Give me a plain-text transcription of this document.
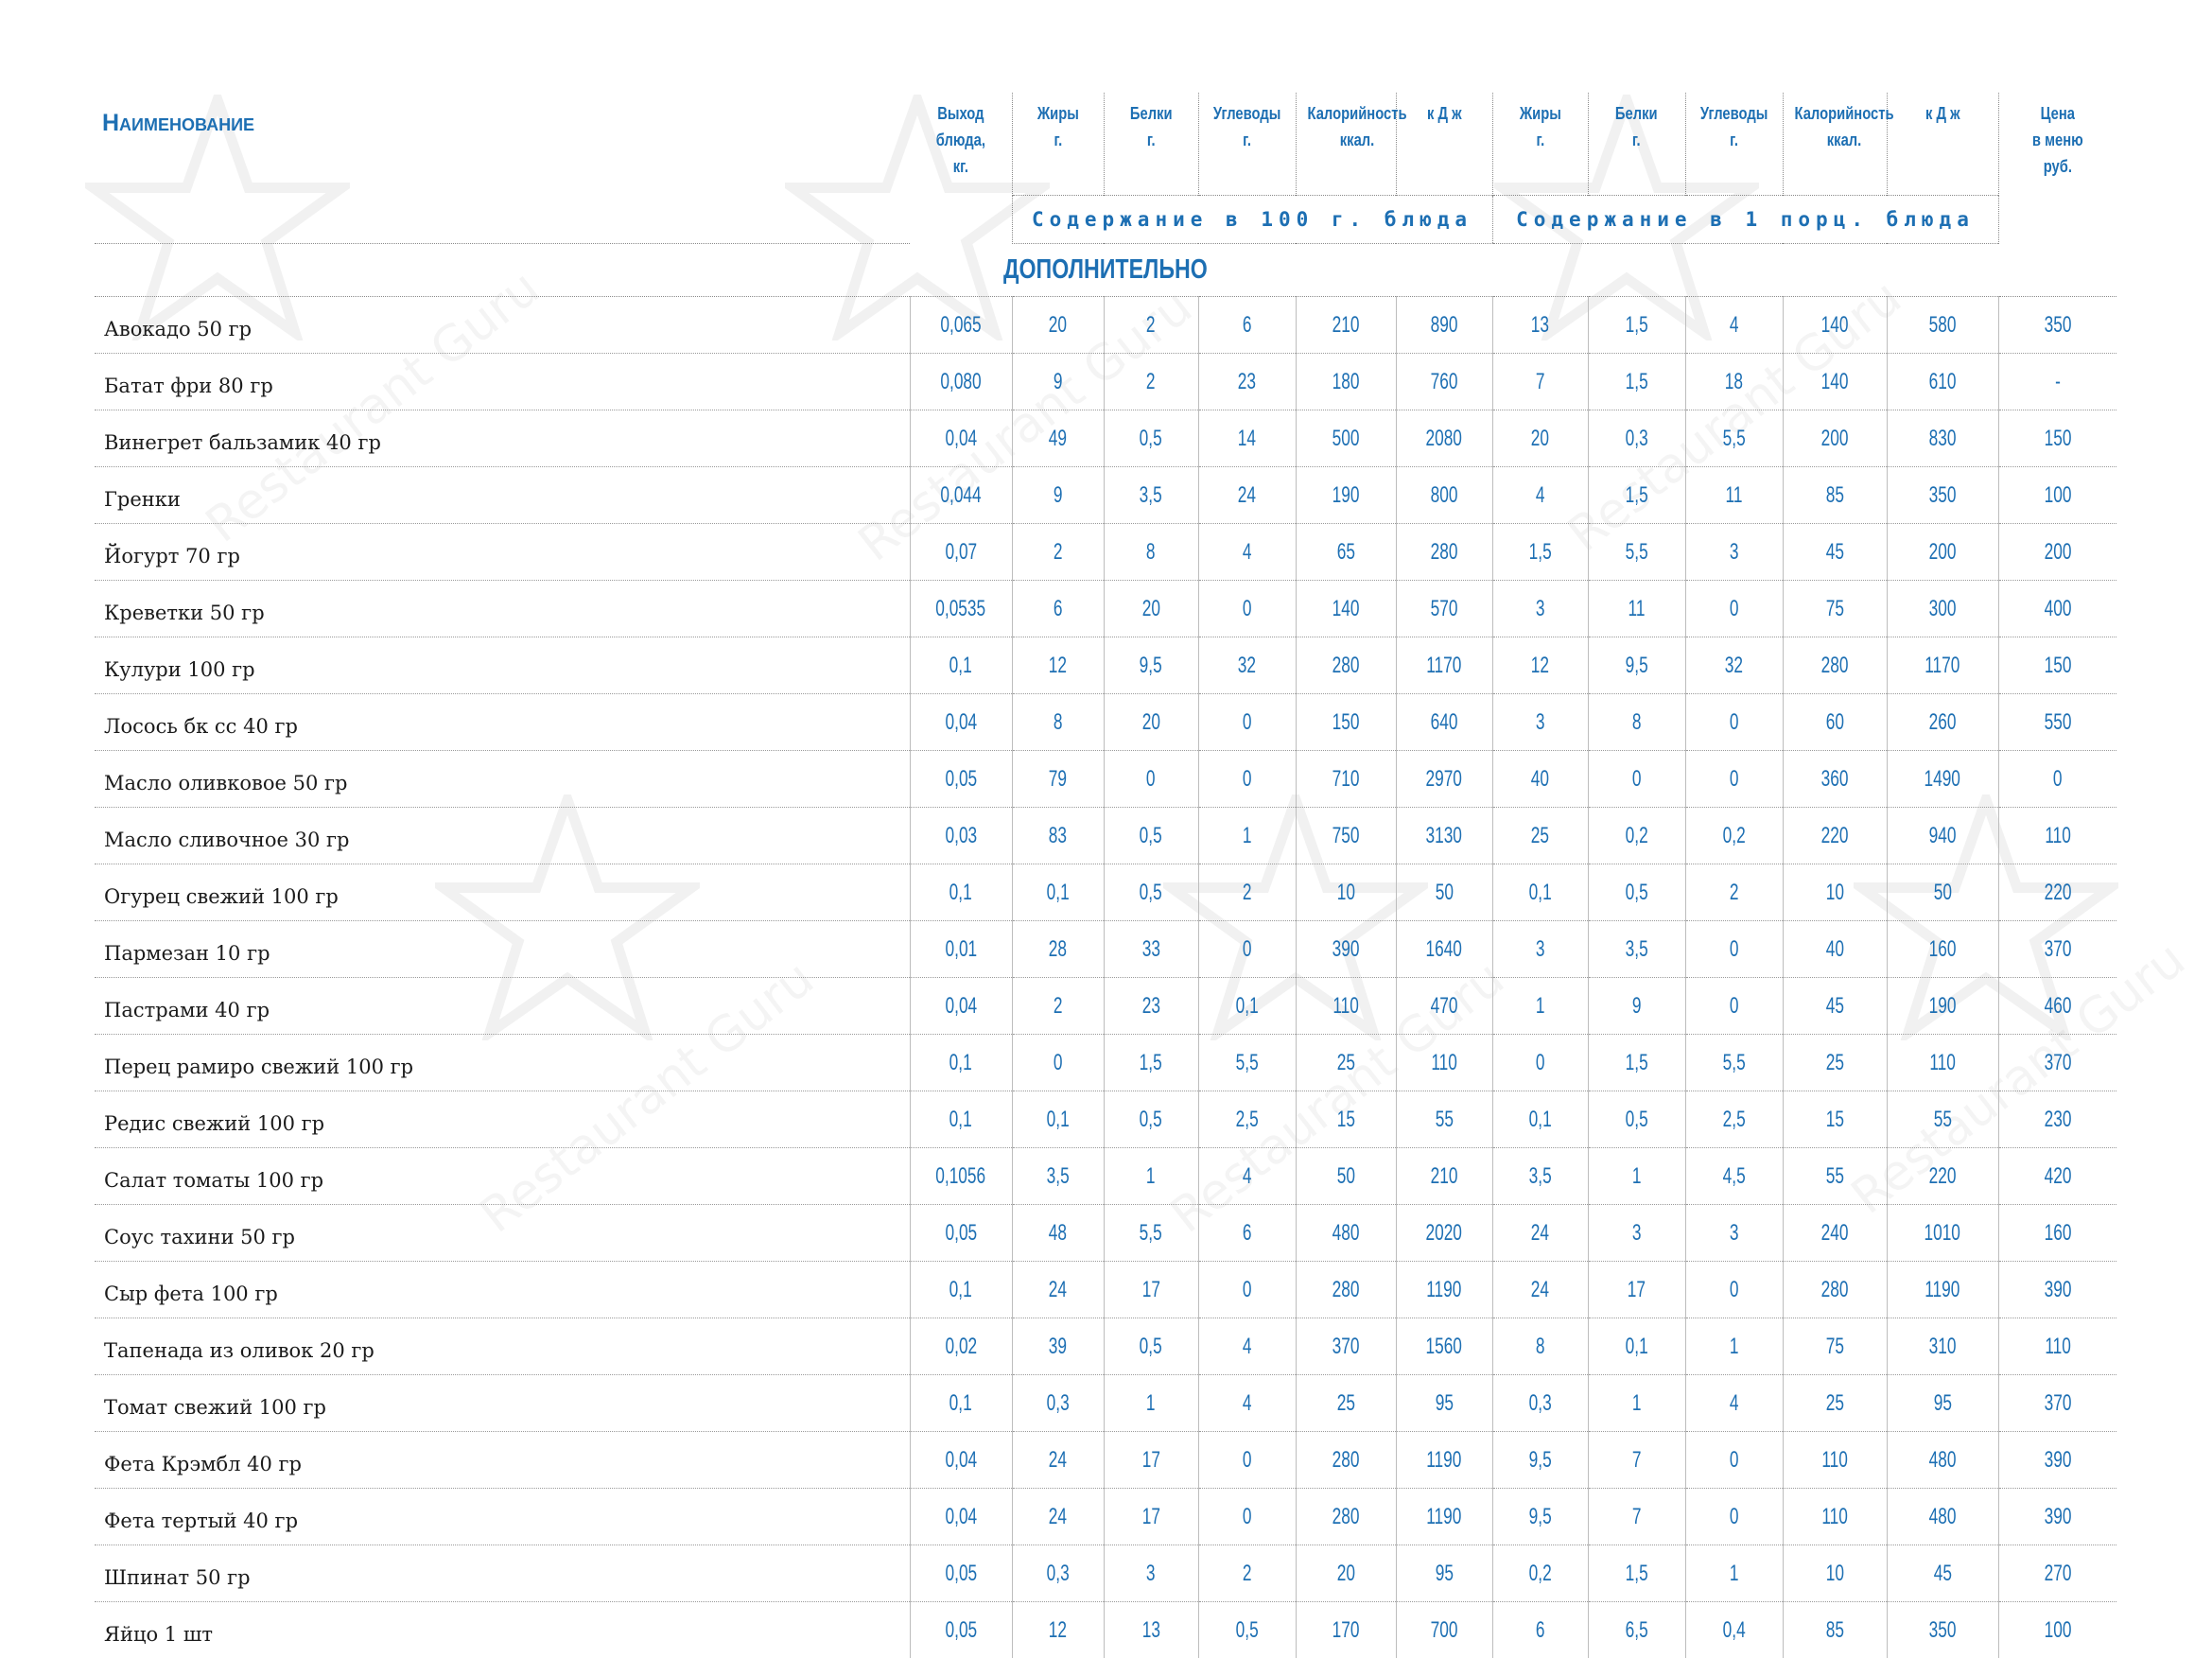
Наименование	Выход
блюда,
кг.	Жиры
г.	Белки
г.	Углеводы
г.	Калорийность
ккал.	к Д ж	Жиры
г.	Белки
г.	Углеводы
г.	Калорийность
ккал.	к Д ж	Цена
в меню
руб.
		Содержание в 100 г. блюда					Содержание в 1 порц. блюда					
ДОПОЛНИТЕЛЬНО												
Авокадо 50 гр	0,065	20	2	6	210	890	13	1,5	4	140	580	350
Батат фри 80 гр	0,080	9	2	23	180	760	7	1,5	18	140	610	-
Винегрет бальзамик 40 гр	0,04	49	0,5	14	500	2080	20	0,3	5,5	200	830	150
Гренки	0,044	9	3,5	24	190	800	4	1,5	11	85	350	100
Йогурт 70 гр	0,07	2	8	4	65	280	1,5	5,5	3	45	200	200
Креветки 50 гр	0,0535	6	20	0	140	570	3	11	0	75	300	400
Кулури 100 гр	0,1	12	9,5	32	280	1170	12	9,5	32	280	1170	150
Лосось бк сс 40 гр	0,04	8	20	0	150	640	3	8	0	60	260	550
Масло оливковое 50 гр	0,05	79	0	0	710	2970	40	0	0	360	1490	0
Масло сливочное 30 гр	0,03	83	0,5	1	750	3130	25	0,2	0,2	220	940	110
Огурец свежий 100 гр	0,1	0,1	0,5	2	10	50	0,1	0,5	2	10	50	220
Пармезан 10 гр	0,01	28	33	0	390	1640	3	3,5	0	40	160	370
Пастрами 40 гр	0,04	2	23	0,1	110	470	1	9	0	45	190	460
Перец рамиро свежий 100 гр	0,1	0	1,5	5,5	25	110	0	1,5	5,5	25	110	370
Редис свежий 100 гр	0,1	0,1	0,5	2,5	15	55	0,1	0,5	2,5	15	55	230
Салат томаты 100 гр	0,1056	3,5	1	4	50	210	3,5	1	4,5	55	220	420
Соус тахини 50 гр	0,05	48	5,5	6	480	2020	24	3	3	240	1010	160
Сыр фета 100 гр	0,1	24	17	0	280	1190	24	17	0	280	1190	390
Тапенада из оливок 20 гр	0,02	39	0,5	4	370	1560	8	0,1	1	75	310	110
Томат свежий 100 гр	0,1	0,3	1	4	25	95	0,3	1	4	25	95	370
Фета Крэмбл 40 гр	0,04	24	17	0	280	1190	9,5	7	0	110	480	390
Фета тертый 40 гр	0,04	24	17	0	280	1190	9,5	7	0	110	480	390
Шпинат 50 гр	0,05	0,3	3	2	20	95	0,2	1,5	1	10	45	270
Яйцо 1 шт	0,05	12	13	0,5	170	700	6	6,5	0,4	85	350	100
